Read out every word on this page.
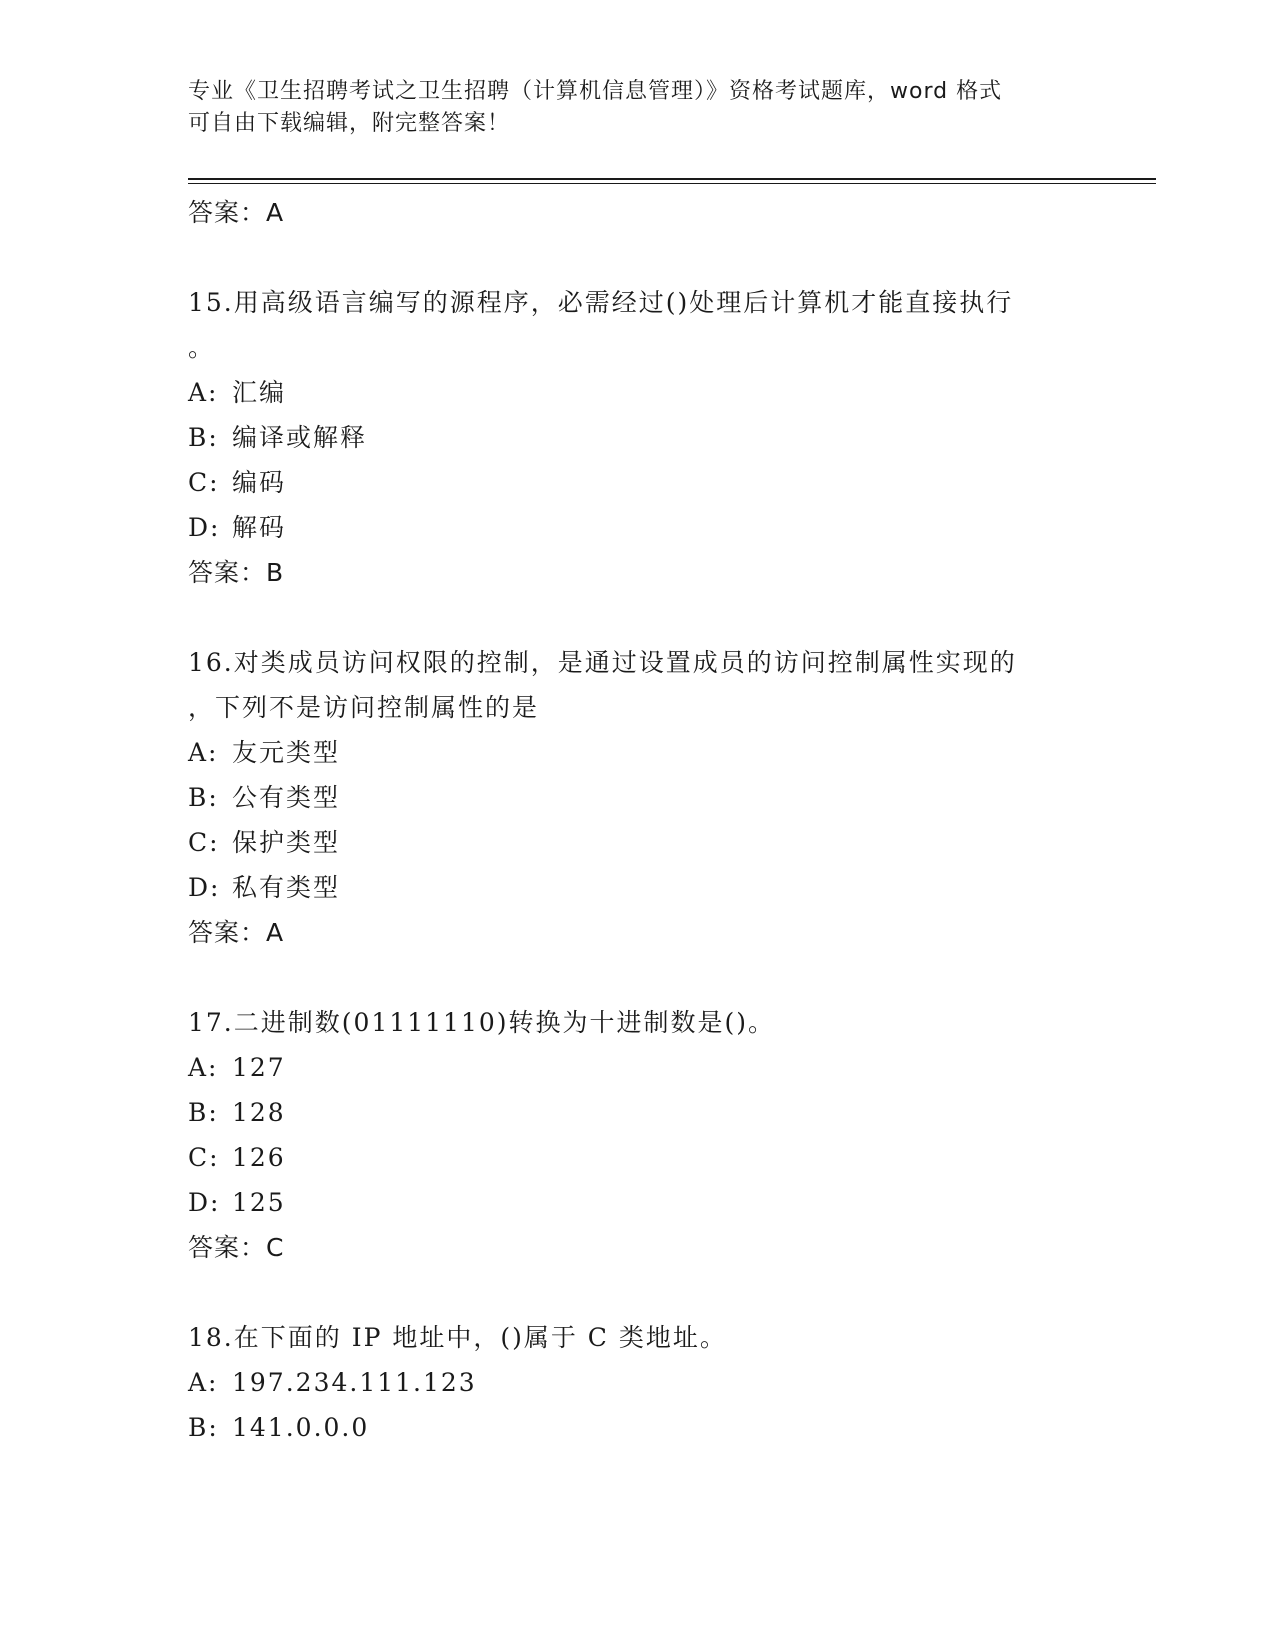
专业《卫生招聘考试之卫生招聘（计算机信息管理）》资格考试题库，word 格式
可自由下载编辑，附完整答案！
答案：A
15.用高级语言编写的源程序，必需经过()处理后计算机才能直接执行
。
A: 汇编
B: 编译或解释
C: 编码
D: 解码
答案：B
16.对类成员访问权限的控制，是通过设置成员的访问控制属性实现的
，下列不是访问控制属性的是
A: 友元类型
B: 公有类型
C: 保护类型
D: 私有类型
答案：A
17.二进制数(01111110)转换为十进制数是()。
A: 127
B: 128
C: 126
D: 125
答案：C
18.在下面的 IP 地址中，()属于 C 类地址。
A: 197.234.111.123
B: 141.0.0.0
